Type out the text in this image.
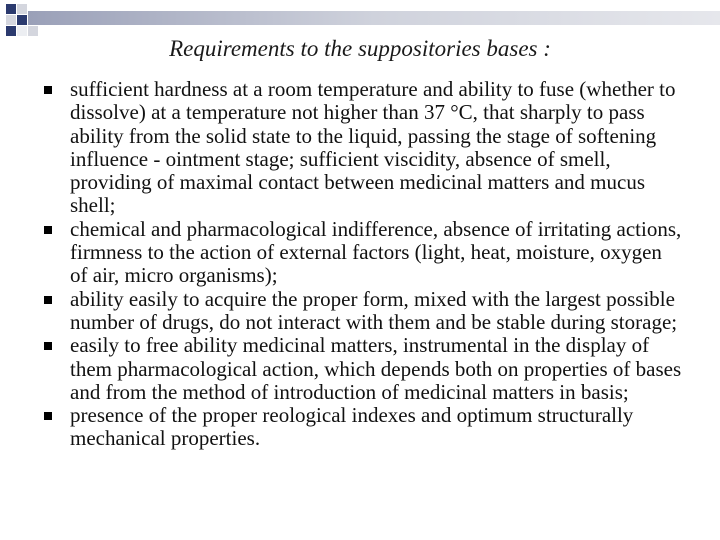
Requirements to the suppositories bases :
sufficient hardness at a room temperature and ability to fuse (whether to dissolve) at a temperature not higher than 37 °C, that sharply to pass ability from the solid state to the liquid, passing the stage of softening influence - ointment stage; sufficient viscidity, absence of smell, providing of maximal contact between medicinal matters and mucus shell;
chemical and pharmacological indifference, absence of irritating actions, firmness to the action of external factors (light, heat, moisture, oxygen of air, micro organisms);
ability easily to acquire the proper form, mixed with the largest possible number of drugs, do not interact with them and be stable during storage;
easily to free ability medicinal matters, instrumental in the display of them pharmacological action, which depends both on properties of bases and from the method of introduction of medicinal matters in basis;
presence of the proper reological indexes and optimum structurally mechanical properties.
